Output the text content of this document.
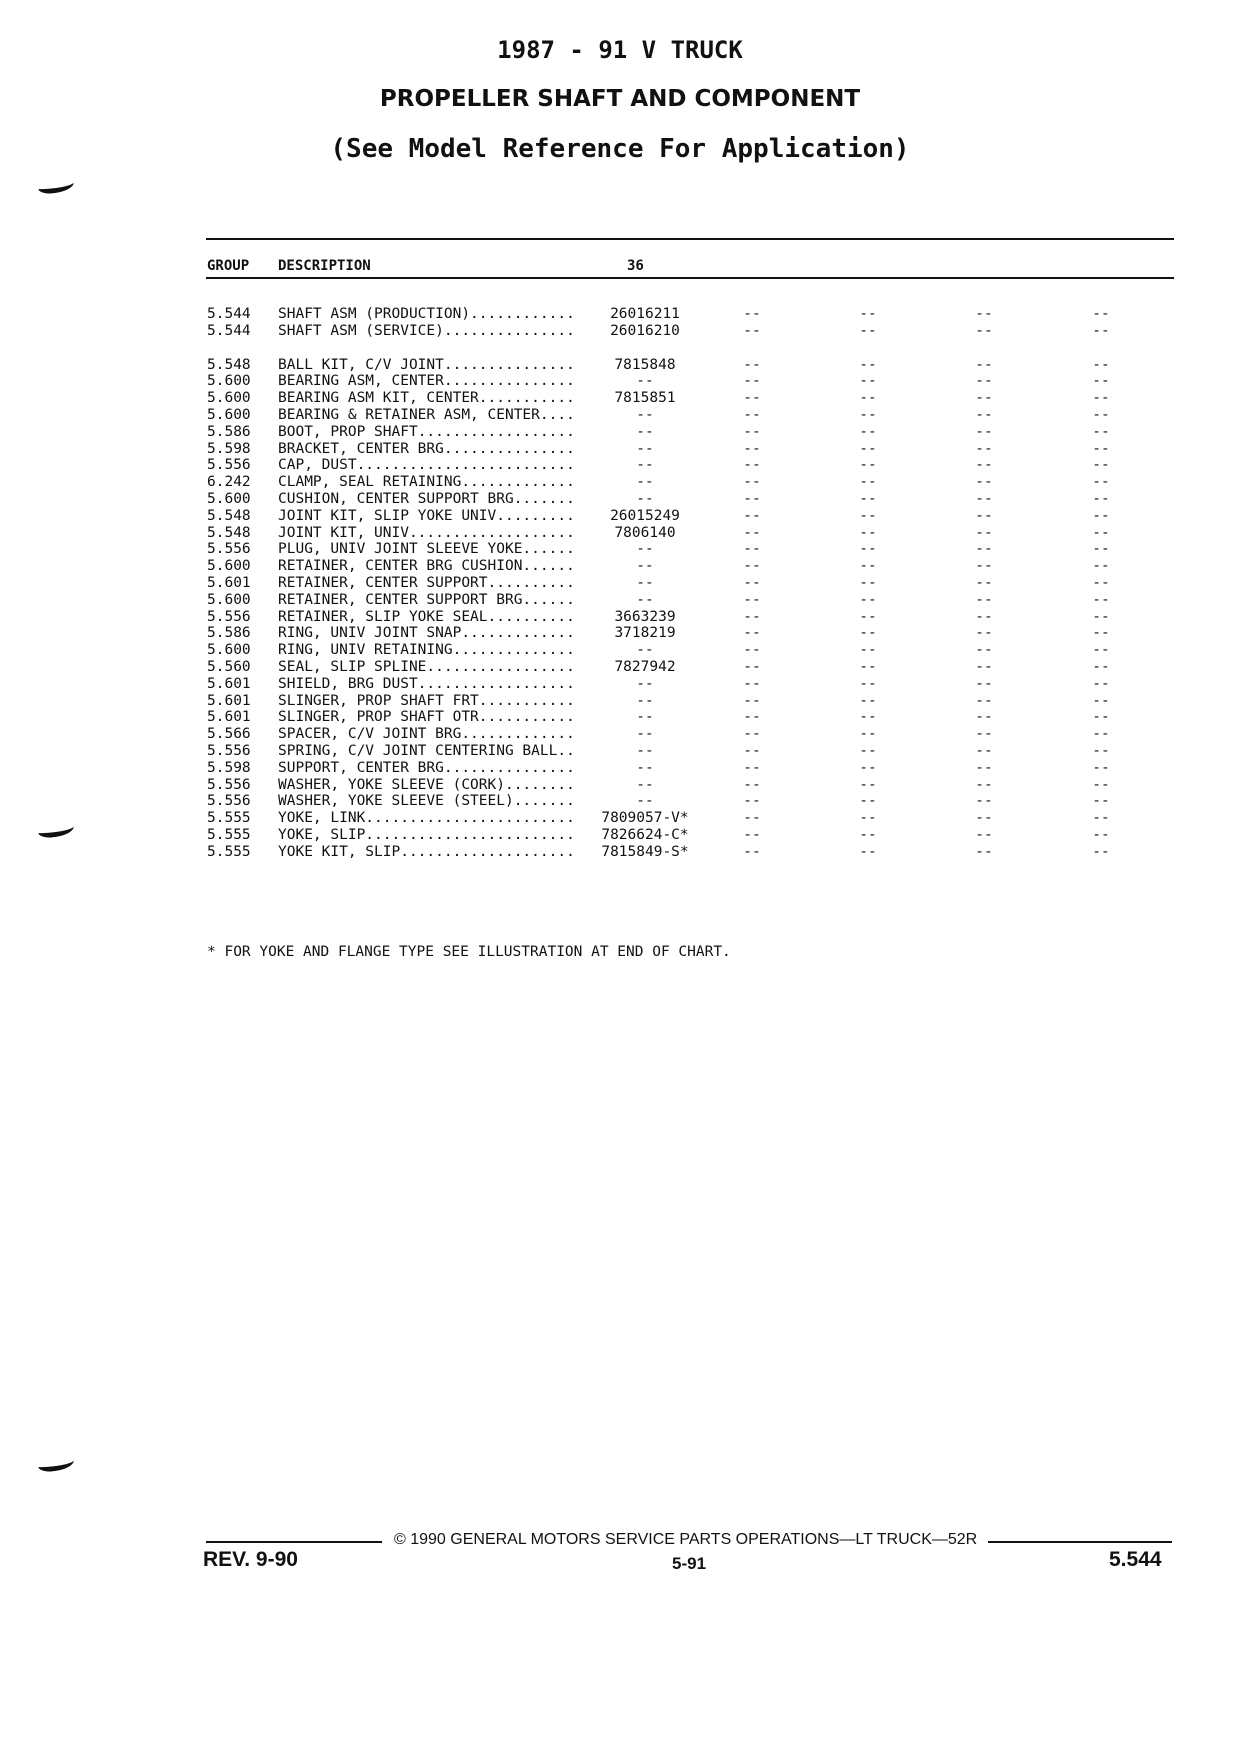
1987 - 91 V TRUCK
PROPELLER SHAFT AND COMPONENT
(See Model Reference For Application)
GROUP DESCRIPTION	36
5.544 SHAFT ASM (PRODUCTION)............	26016211	--	--	--	--
5.544 SHAFT ASM (SERVICE)...............	26016210	--	--	--	--
5.548 BALL KIT, C/V JOINT...............	7815848	--	--	--	--
5.600 BEARING ASM, CENTER...............	--	--	--	--	--
5.600 BEARING ASM KIT, CENTER...........	7815851	--	--	--	--
5.600 BEARING & RETAINER ASM, CENTER....	--	--	--	--	--
5.586 BOOT, PROP SHAFT..................	--	--	--	--	--
5.598 BRACKET, CENTER BRG...............	--	--	--	--	--
5.556 CAP, DUST.........................	--	--	--	--	--
6.242 CLAMP, SEAL RETAINING.............	--	--	--	--	--
5.600 CUSHION, CENTER SUPPORT BRG.......	--	--	--	--	--
5.548 JOINT KIT, SLIP YOKE UNIV.........	26015249	--	--	--	--
5.548 JOINT KIT, UNIV...................	7806140	--	--	--	--
5.556 PLUG, UNIV JOINT SLEEVE YOKE......	--	--	--	--	--
5.600 RETAINER, CENTER BRG CUSHION......	--	--	--	--	--
5.601 RETAINER, CENTER SUPPORT..........	--	--	--	--	--
5.600 RETAINER, CENTER SUPPORT BRG......	--	--	--	--	--
5.556 RETAINER, SLIP YOKE SEAL..........	3663239	--	--	--	--
5.586 RING, UNIV JOINT SNAP.............	3718219	--	--	--	--
5.600 RING, UNIV RETAINING..............	--	--	--	--	--
5.560 SEAL, SLIP SPLINE.................	7827942	--	--	--	--
5.601 SHIELD, BRG DUST..................	--	--	--	--	--
5.601 SLINGER, PROP SHAFT FRT...........	--	--	--	--	--
5.601 SLINGER, PROP SHAFT OTR...........	--	--	--	--	--
5.566 SPACER, C/V JOINT BRG.............	--	--	--	--	--
5.556 SPRING, C/V JOINT CENTERING BALL..	--	--	--	--	--
5.598 SUPPORT, CENTER BRG...............	--	--	--	--	--
5.556 WASHER, YOKE SLEEVE (CORK)........	--	--	--	--	--
5.556 WASHER, YOKE SLEEVE (STEEL).......	--	--	--	--	--
5.555 YOKE, LINK........................	7809057-V*	--	--	--	--
5.555 YOKE, SLIP........................	7826624-C*	--	--	--	--
5.555 YOKE KIT, SLIP....................	7815849-S*	--	--	--	--
* FOR YOKE AND FLANGE TYPE SEE ILLUSTRATION AT END OF CHART.
© 1990 GENERAL MOTORS SERVICE PARTS OPERATIONS—LT TRUCK—52R
REV. 9-90	5-91	5.544
